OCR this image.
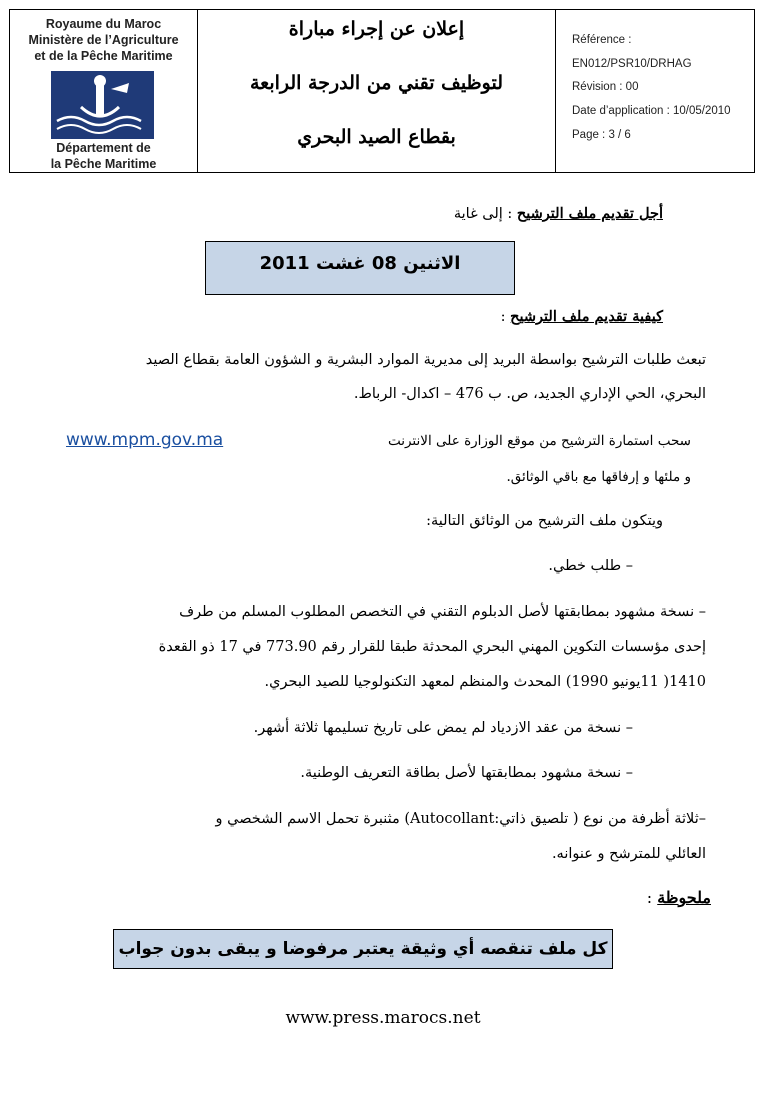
Royaume du Maroc
Ministère de l’Agriculture
et de la Pêche Maritime
Département de
la Pêche Maritime
إعلان عن إجراء مباراة
لتوظيف تقني من الدرجة الرابعة
بقطاع الصيد البحري
Référence :
EN012/PSR10/DRHAG
Révision : 00
Date d’application : 10/05/2010
Page : 3 / 6
أجل تقديم ملف الترشيح : إلى غاية
الاثنين 08 غشت 2011
كيفية تقديم ملف الترشيح :
تبعث طلبات الترشيح بواسطة البريد إلى مديرية الموارد البشرية و الشؤون العامة بقطاع الصيد
البحري، الحي الإداري الجديد، ص. ب 476 – اكدال- الرباط.
سحب استمارة الترشيح من موقع الوزارة على الانترنت
www.mpm.gov.ma
و ملئها و إرفاقها مع باقي الوثائق.
ويتكون ملف الترشيح من الوثائق التالية:
– طلب خطي.
– نسخة مشهود بمطابقتها لأصل الدبلوم التقني في التخصص المطلوب المسلم من طرف
إحدى مؤسسات التكوين المهني البحري المحدثة طبقا للقرار رقم 773.90 في 17 ذو القعدة
1410( 11يونيو 1990) المحدث والمنظم لمعهد التكنولوجيا للصيد البحري.
– نسخة من عقد الازدياد لم يمض على تاريخ تسليمها ثلاثة أشهر.
– نسخة مشهود بمطابقتها لأصل بطاقة التعريف الوطنية.
–ثلاثة أظرفة من نوع ( تلصيق ذاتي:Autocollant) مثنبرة تحمل الاسم الشخصي و
العائلي للمترشح و عنوانه.
ملحوظة :
كل ملف تنقصه أي وثيقة يعتبر مرفوضا و يبقى بدون جواب
www.press.marocs.net
